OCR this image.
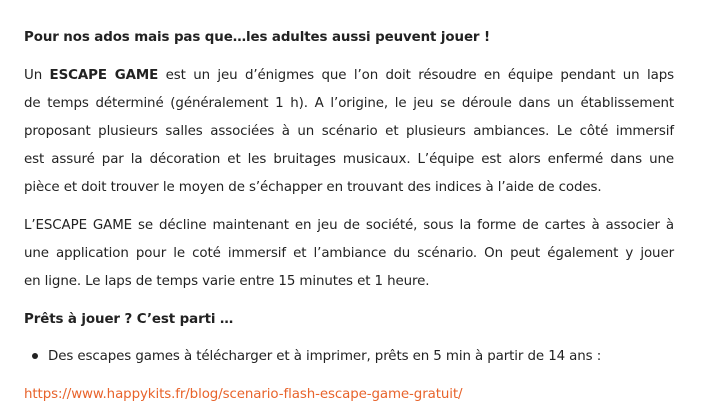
Pour nos ados mais pas que…les adultes aussi peuvent jouer !
Un ESCAPE GAME est un jeu d’énigmes que l’on doit résoudre en équipe pendant un laps
de temps déterminé (généralement 1 h). A l’origine, le jeu se déroule dans un établissement
proposant plusieurs salles associées à un scénario et plusieurs ambiances. Le côté immersif
est assuré par la décoration et les bruitages musicaux. L’équipe est alors enfermé dans une
pièce et doit trouver le moyen de s’échapper en trouvant des indices à l’aide de codes.
L’ESCAPE GAME se décline maintenant en jeu de société, sous la forme de cartes à associer à
une application pour le coté immersif et l’ambiance du scénario. On peut également y jouer
en ligne. Le laps de temps varie entre 15 minutes et 1 heure.
Prêts à jouer ? C’est parti …
Des escapes games à télécharger et à imprimer, prêts en 5 min à partir de 14 ans :
https://www.happykits.fr/blog/scenario-flash-escape-game-gratuit/
